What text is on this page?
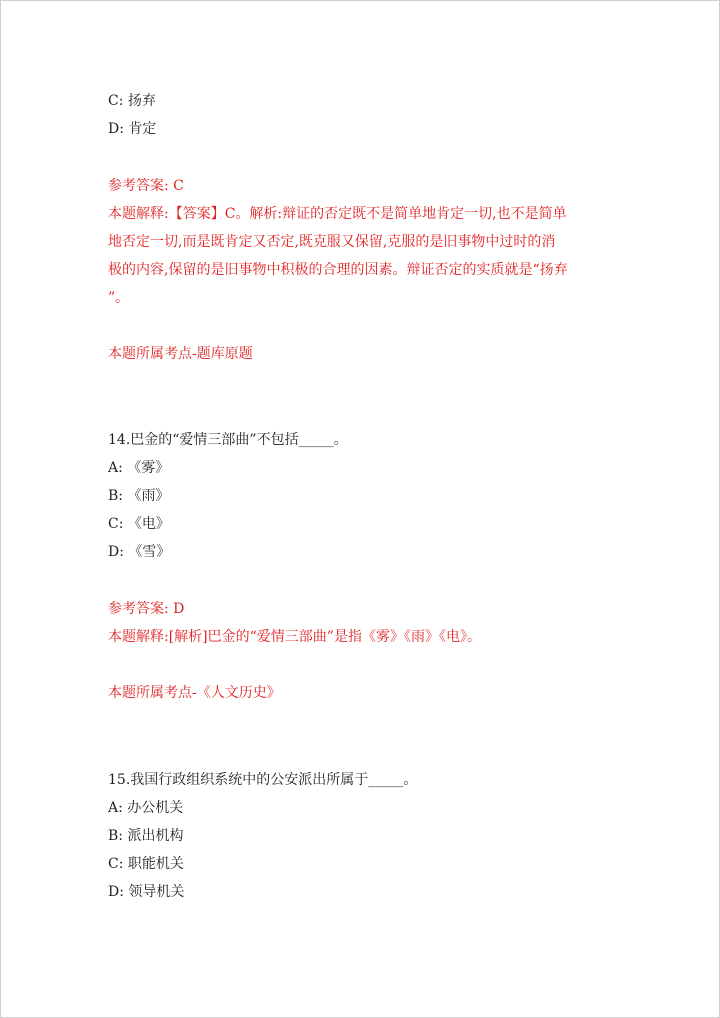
C: 扬弃
D: 肯定
参考答案: C
本题解释:【答案】C。解析:辩证的否定既不是简单地肯定一切,也不是简单
地否定一切,而是既肯定又否定,既克服又保留,克服的是旧事物中过时的消
极的内容,保留的是旧事物中积极的合理的因素。辩证否定的实质就是“扬弃
”。
本题所属考点-题库原题
14.巴金的“爱情三部曲”不包括_____。
A: 《雾》
B: 《雨》
C: 《电》
D: 《雪》
参考答案: D
本题解释:[解析]巴金的“爱情三部曲”是指《雾》《雨》《电》。
本题所属考点-《人文历史》
15.我国行政组织系统中的公安派出所属于_____。
A: 办公机关
B: 派出机构
C: 职能机关
D: 领导机关
